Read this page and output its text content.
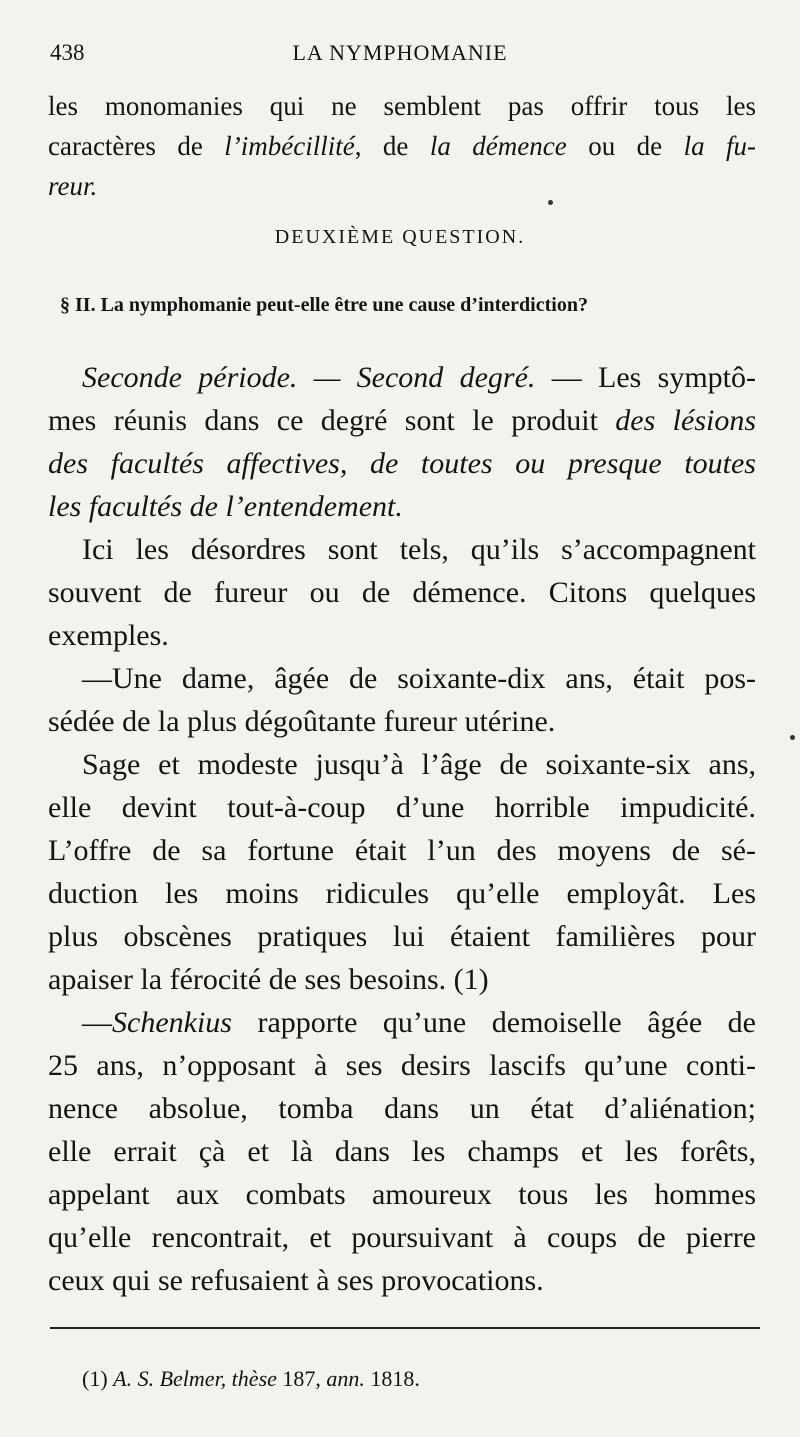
438	LA NYMPHOMANIE
les monomanies qui ne semblent pas offrir tous les
caractères de l’imbécillité, de la démence ou de la fu-
reur.
DEUXIÈME QUESTION.
§ II. La nymphomanie peut-elle être une cause d’interdiction?
Seconde période. — Second degré. — Les symptô-
mes réunis dans ce degré sont le produit des lésions
des facultés affectives, de toutes ou presque toutes
les facultés de l’entendement.
Ici les désordres sont tels, qu’ils s’accompagnent
souvent de fureur ou de démence. Citons quelques
exemples.
—Une dame, âgée de soixante-dix ans, était pos-
sédée de la plus dégoûtante fureur utérine.
Sage et modeste jusqu’à l’âge de soixante-six ans,
elle devint tout-à-coup d’une horrible impudicité.
L’offre de sa fortune était l’un des moyens de sé-
duction les moins ridicules qu’elle employât. Les
plus obscènes pratiques lui étaient familières pour
apaiser la férocité de ses besoins. (1)
—Schenkius rapporte qu’une demoiselle âgée de
25 ans, n’opposant à ses desirs lascifs qu’une conti-
nence absolue, tomba dans un état d’aliénation;
elle errait çà et là dans les champs et les forêts,
appelant aux combats amoureux tous les hommes
qu’elle rencontrait, et poursuivant à coups de pierre
ceux qui se refusaient à ses provocations.
(1) A. S. Belmer, thèse 187, ann. 1818.
